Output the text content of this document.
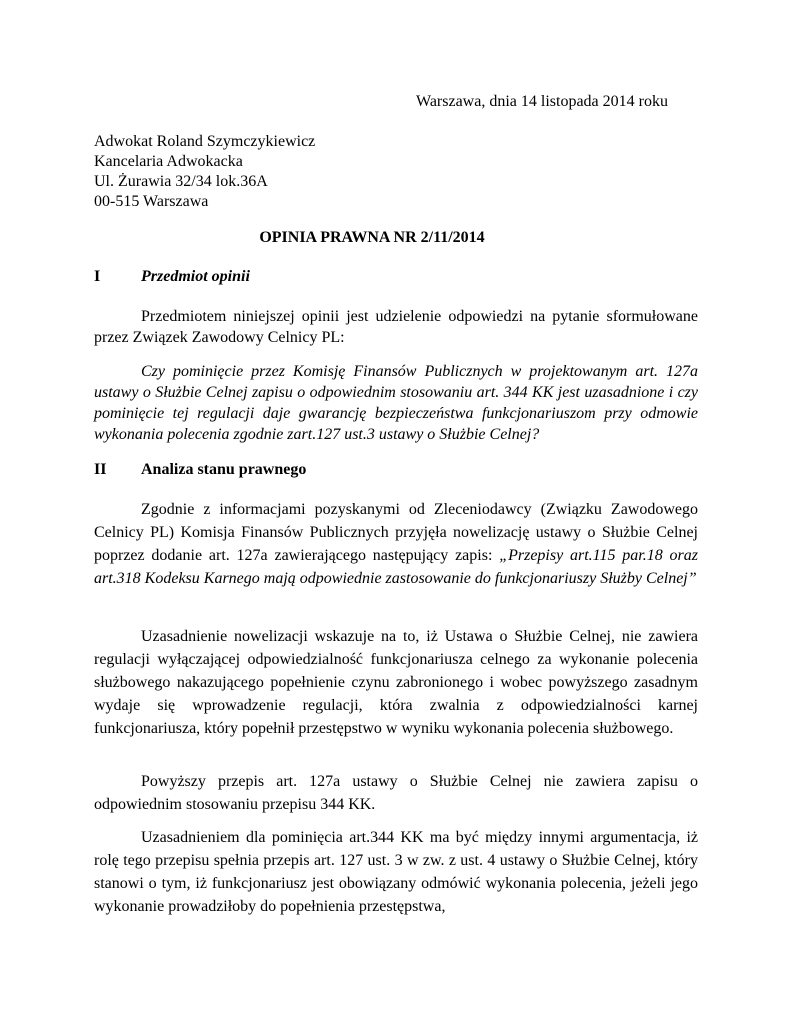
Warszawa, dnia 14 listopada 2014 roku
Adwokat Roland Szymczykiewicz
Kancelaria Adwokacka
Ul. Żurawia 32/34 lok.36A
00-515 Warszawa
OPINIA PRAWNA NR 2/11/2014
I	Przedmiot opinii
Przedmiotem niniejszej opinii jest udzielenie odpowiedzi na pytanie sformułowane przez Związek Zawodowy Celnicy PL:
Czy pominięcie przez Komisję Finansów Publicznych w projektowanym art. 127a ustawy o Służbie Celnej zapisu o odpowiednim stosowaniu art. 344 KK jest uzasadnione i czy pominięcie tej regulacji daje gwarancję bezpieczeństwa funkcjonariuszom przy odmowie wykonania polecenia zgodnie zart.127 ust.3 ustawy o Służbie Celnej?
II Analiza stanu prawnego
Zgodnie z informacjami pozyskanymi od Zleceniodawcy (Związku Zawodowego Celnicy PL) Komisja Finansów Publicznych przyjęła nowelizację ustawy o Służbie Celnej poprzez dodanie art. 127a zawierającego następujący zapis: „Przepisy art.115 par.18 oraz art.318 Kodeksu Karnego mają odpowiednie zastosowanie do funkcjonariuszy Służby Celnej”
Uzasadnienie nowelizacji wskazuje na to, iż Ustawa o Służbie Celnej, nie zawiera regulacji wyłączającej odpowiedzialność funkcjonariusza celnego za wykonanie polecenia służbowego nakazującego popełnienie czynu zabronionego i wobec powyższego zasadnym wydaje się wprowadzenie regulacji, która zwalnia z odpowiedzialności karnej funkcjonariusza, który popełnił przestępstwo w wyniku wykonania polecenia służbowego.
Powyższy przepis art. 127a ustawy o Służbie Celnej nie zawiera zapisu o odpowiednim stosowaniu przepisu 344 KK.
Uzasadnieniem dla pominięcia art.344 KK ma być między innymi argumentacja, iż rolę tego przepisu spełnia przepis art. 127 ust. 3 w zw. z ust. 4 ustawy o Służbie Celnej, który stanowi o tym, iż funkcjonariusz jest obowiązany odmówić wykonania polecenia, jeżeli jego wykonanie prowadziłoby do popełnienia przestępstwa,
